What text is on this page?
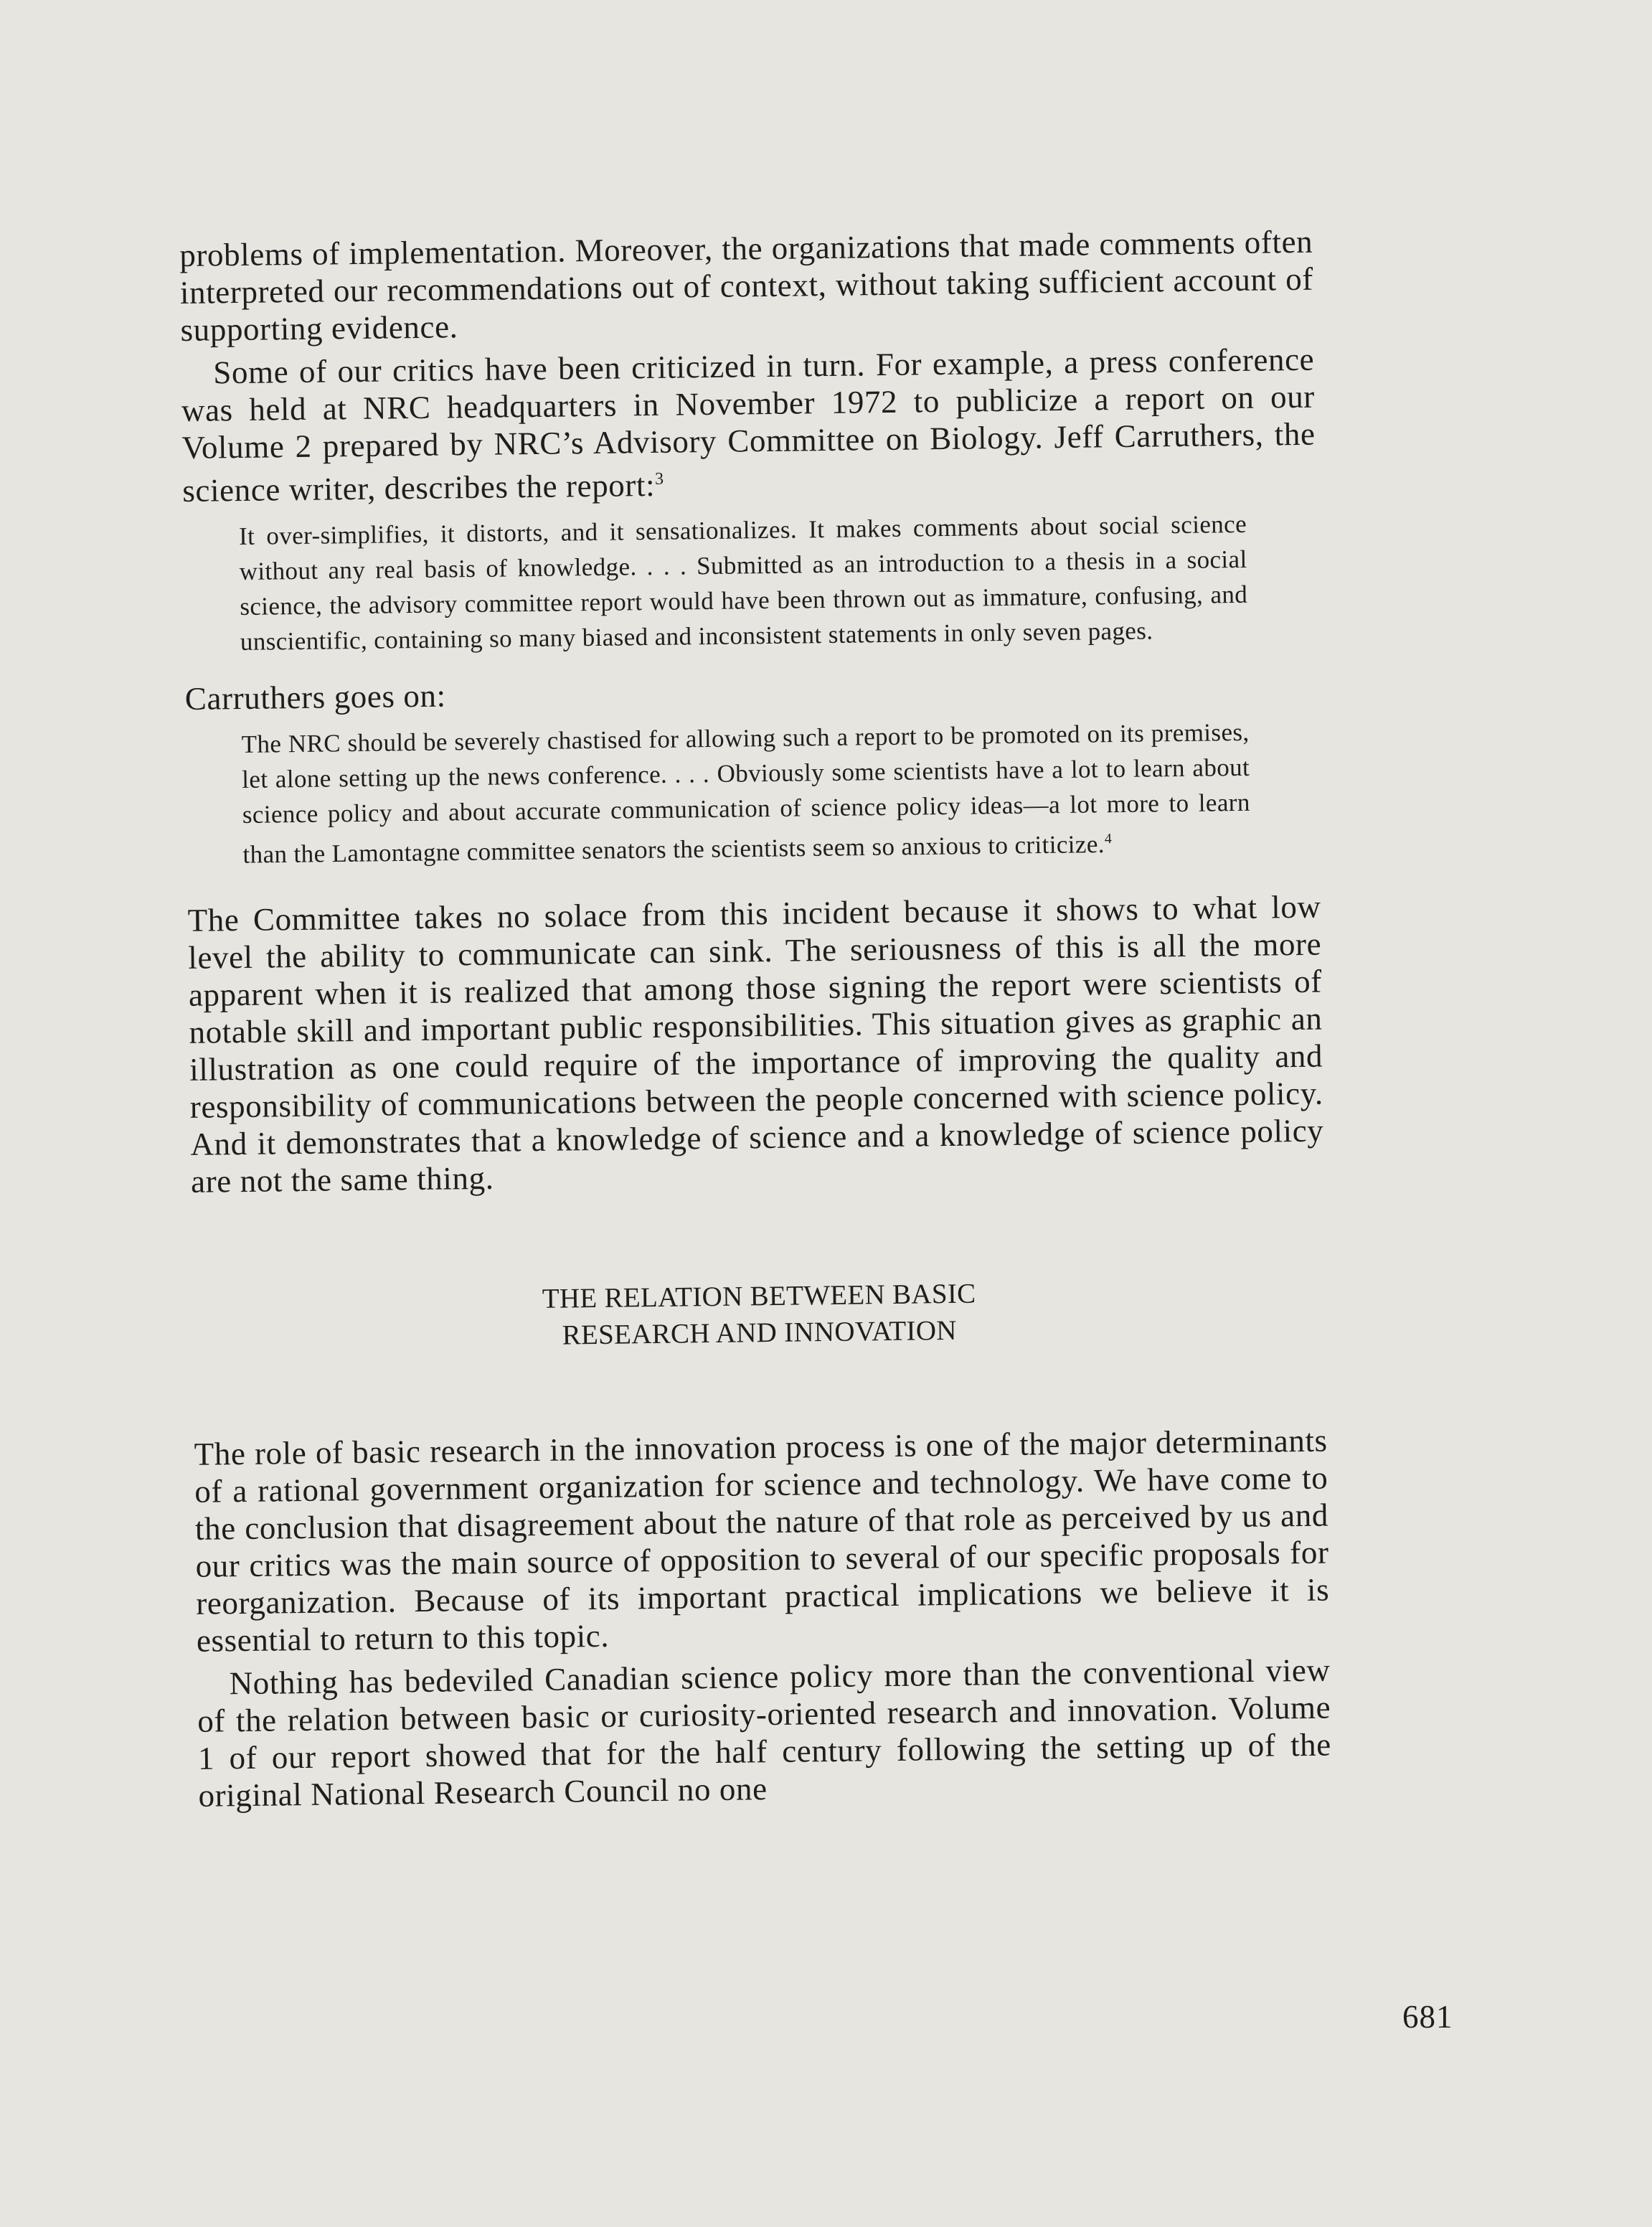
problems of implementation. Moreover, the organizations that made comments often interpreted our recommendations out of context, without taking sufficient account of supporting evidence.

Some of our critics have been criticized in turn. For example, a press conference was held at NRC headquarters in November 1972 to publicize a report on our Volume 2 prepared by NRC’s Advisory Committee on Biology. Jeff Carruthers, the science writer, describes the report:$^3$

It over-simplifies, it distorts, and it sensationalizes. It makes comments about social science without any real basis of knowledge. . . . Submitted as an introduction to a thesis in a social science, the advisory committee report would have been thrown out as immature, confusing, and unscientific, containing so many biased and inconsistent statements in only seven pages.

Carruthers goes on:

The NRC should be severely chastised for allowing such a report to be promoted on its premises, let alone setting up the news conference. . . . Obviously some scientists have a lot to learn about science policy and about accurate communication of science policy ideas—a lot more to learn than the Lamontagne committee senators the scientists seem so anxious to criticize.$^4$

The Committee takes no solace from this incident because it shows to what low level the ability to communicate can sink. The seriousness of this is all the more apparent when it is realized that among those signing the report were scientists of notable skill and important public responsibilities. This situation gives as graphic an illustration as one could require of the importance of improving the quality and responsibility of communications between the people concerned with science policy. And it demonstrates that a knowledge of science and a knowledge of science policy are not the same thing.

THE RELATION BETWEEN BASIC
RESEARCH AND INNOVATION

The role of basic research in the innovation process is one of the major determinants of a rational government organization for science and technology. We have come to the conclusion that disagreement about the nature of that role as perceived by us and our critics was the main source of opposition to several of our specific proposals for reorganization. Because of its important practical implications we believe it is essential to return to this topic.

Nothing has bedeviled Canadian science policy more than the conventional view of the relation between basic or curiosity-oriented research and innovation. Volume 1 of our report showed that for the half century following the setting up of the original National Research Council no one

681
